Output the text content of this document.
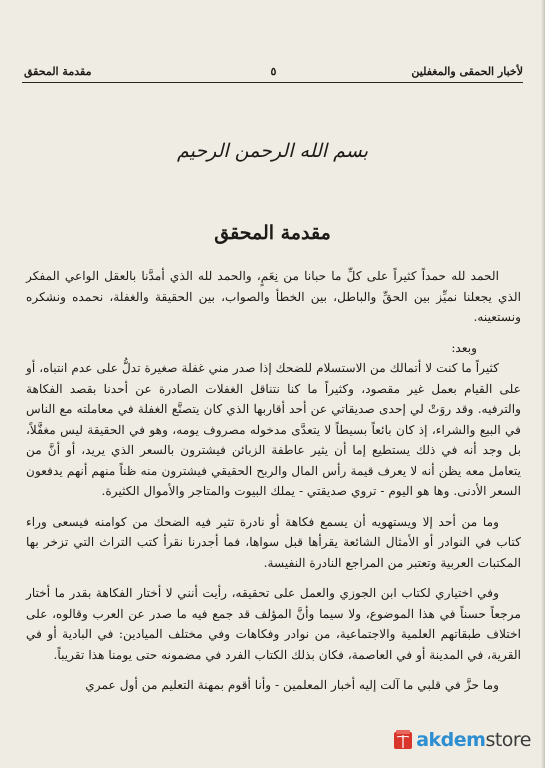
لأخبار الحمقى والمغفلين
٥
مقدمة المحقق
بسم الله الرحمن الرحيم
مقدمة المحقق

الحمد لله حمداً كثيراً على كلِّ ما حبانا من نِعَمٍ، والحمد لله الذي أمدَّنا بالعقل الواعي المفكر الذي يجعلنا نميِّز بين الحقِّ والباطل، بين الخطأ والصواب، بين الحقيقة والغفلة، نحمده ونشكره ونستعينه.

وبعد:

كثيراً ما كنت لا أتمالك من الاستسلام للضحك إذا صدر مني غفلة صغيرة تدلُّ على عدم انتباه، أو على القيام بعمل غير مقصود، وكثيراً ما كنا نتناقل الغفلات الصادرة عن أحدنا بقصد الفكاهة والترفيه. وقد روَتْ لي إحدى صديقاتي عن أحد أقاربها الذي كان يتصنَّع الغفلة في معاملته مع الناس في البيع والشراء، إذ كان بائعاً بسيطاً لا يتعدَّى مدخوله مصروف يومه، وهو في الحقيقة ليس مغفَّلاً، بل وجد أنه في ذلك يستطيع إما أن يثير عاطفة الزبائن فيشترون بالسعر الذي يريد، أو أنَّ من يتعامل معه يظن أنه لا يعرف قيمة رأس المال والربح الحقيقي فيشترون منه ظناً منهم أنهم يدفعون السعر الأدنى. وها هو اليوم - تروي صديقتي - يملك البيوت والمتاجر والأموال الكثيرة.

وما من أحد إلا ويستهويه أن يسمع فكاهة أو نادرة تثير فيه الضحك من كوامنه فيسعى وراء كتاب في النوادر أو الأمثال الشائعة يقرأها قبل سواها، فما أجدرنا نقرأ كتب التراث التي تزخر بها المكتبات العربية وتعتبر من المراجع النادرة النفيسة.

وفي اختياري لكتاب ابن الجوزي والعمل على تحقيقه، رأيت أنني لا أختار الفكاهة بقدر ما أختار مرجعاً حسناً في هذا الموضوع، ولا سيما وأنَّ المؤلف قد جمع فيه ما صدر عن العرب وقالوه، على اختلاف طبقاتهم العلمية والاجتماعية، من نوادر وفكاهات وفي مختلف الميادين: في البادية أو في القرية، في المدينة أو في العاصمة، فكان بذلك الكتاب الفرد في مضمونه حتى يومنا هذا تقريباً.

وما حزَّ في قلبي ما آلت إليه أخبار المعلمين - وأنا أقوم بمهنة التعليم من أول عمري

akdemstore
